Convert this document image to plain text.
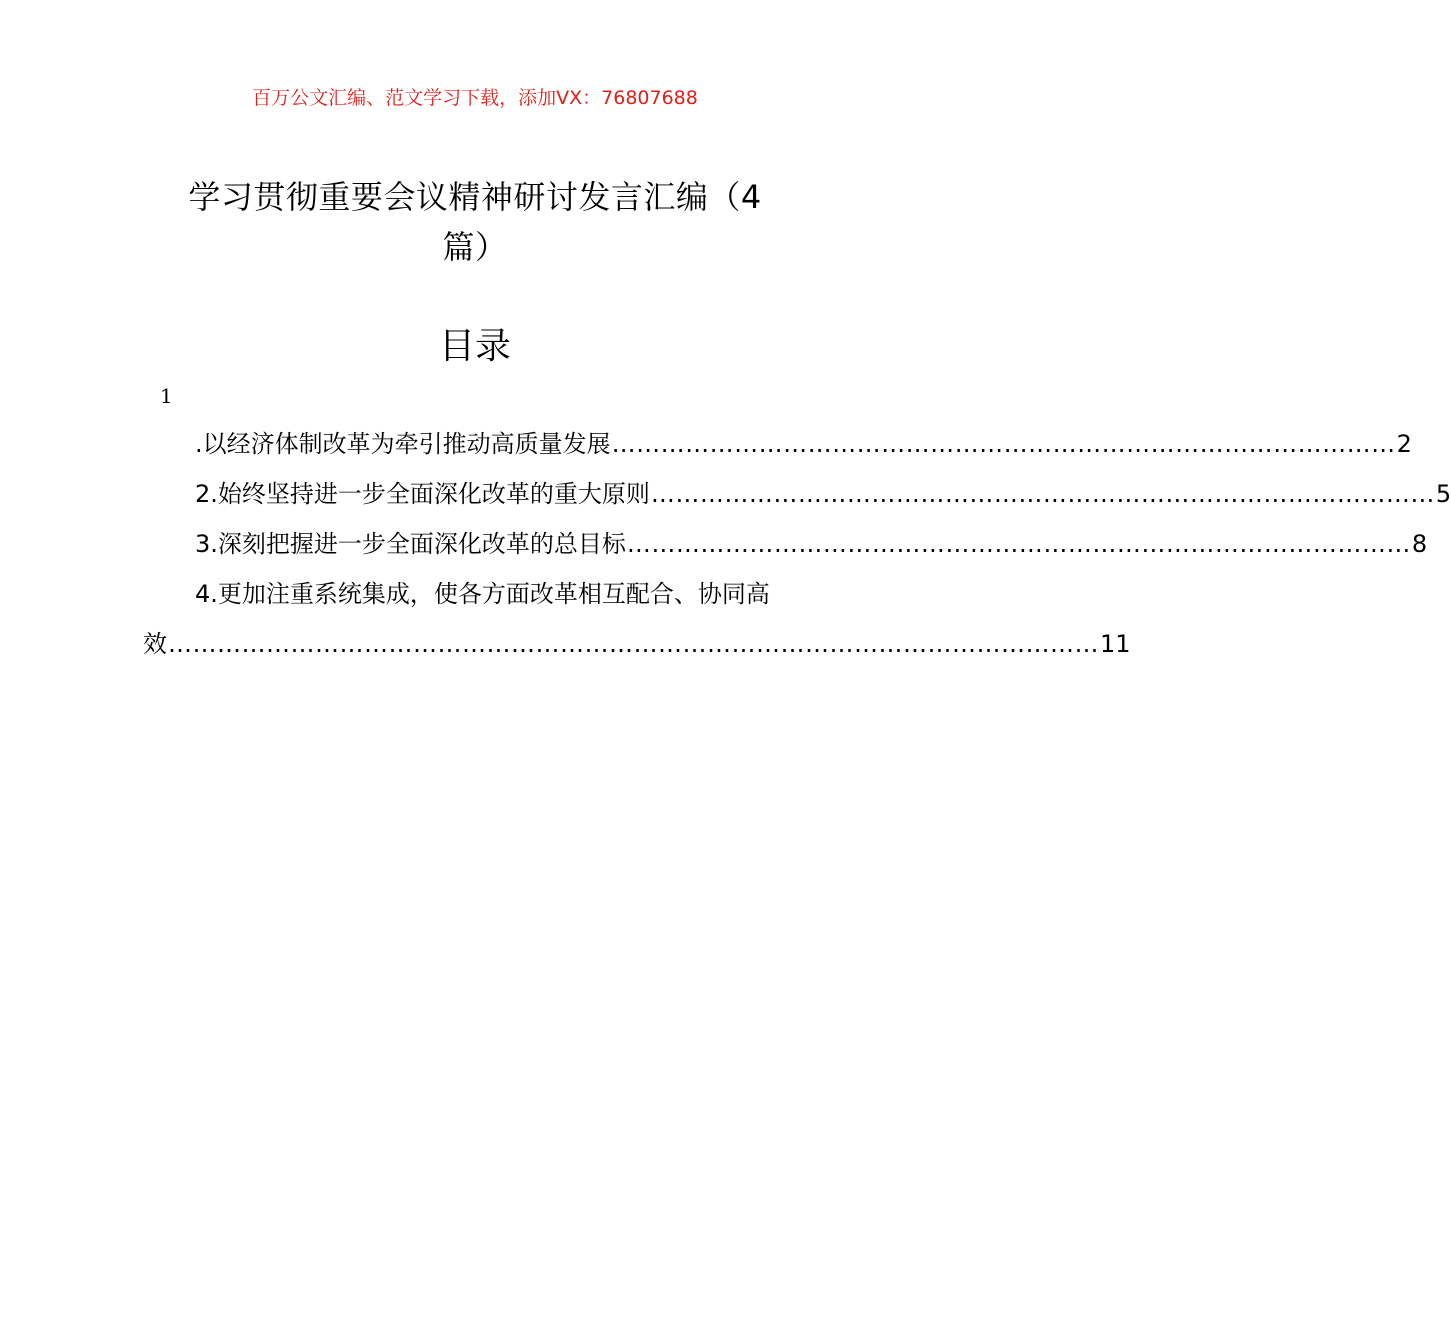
百万公文汇编、范文学习下载，添加VX：76807688
学习贯彻重要会议精神研讨发言汇编（4
篇）
目录
1
.以经济体制改革为牵引推动高质量发展 …………………………………………………………………………………… 2
2.始终坚持进一步全面深化改革的重大原则 …………………………………………………………………………………… 5
3.深刻把握进一步全面深化改革的总目标 …………………………………………………………………………………… 8
4.更加注重系统集成，使各方面改革相互配合、协同高
效 …………………………………………………………………………………………………… 11
